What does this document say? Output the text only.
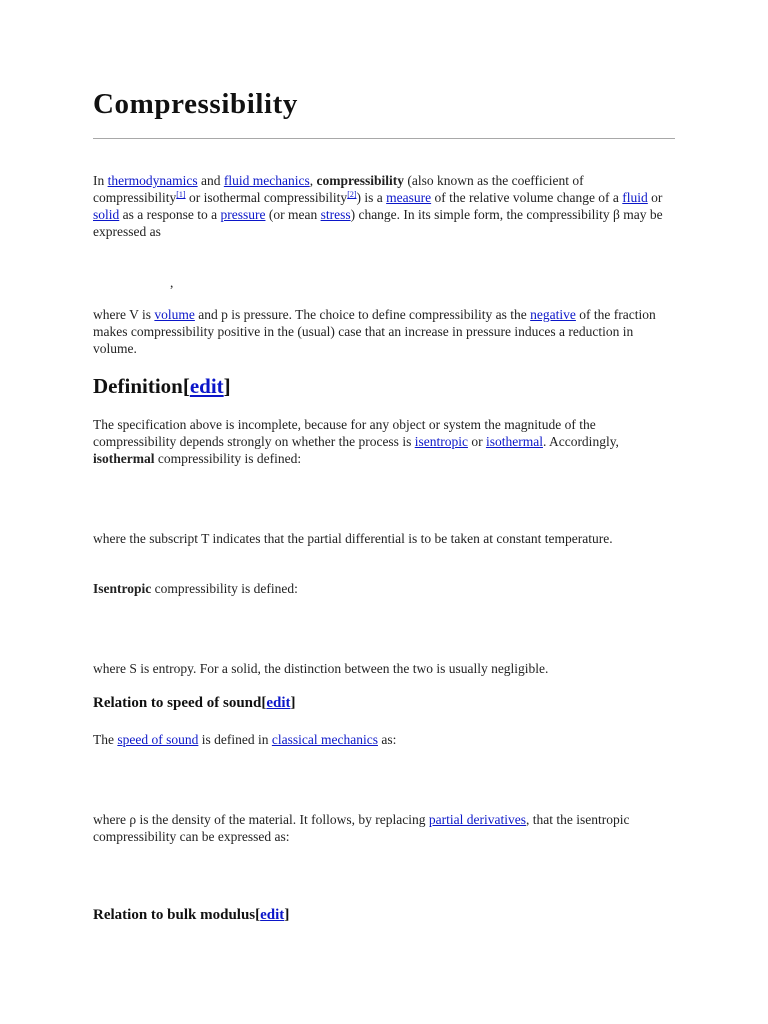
Compressibility

In thermodynamics and fluid mechanics, compressibility (also known as the coefficient of compressibility[1] or isothermal compressibility[2]) is a measure of the relative volume change of a fluid or solid as a response to a pressure (or mean stress) change. In its simple form, the compressibility β may be expressed as

,

where V is volume and p is pressure. The choice to define compressibility as the negative of the fraction makes compressibility positive in the (usual) case that an increase in pressure induces a reduction in volume.

Definition[edit]

The specification above is incomplete, because for any object or system the magnitude of the compressibility depends strongly on whether the process is isentropic or isothermal. Accordingly, isothermal compressibility is defined:

where the subscript T indicates that the partial differential is to be taken at constant temperature.

Isentropic compressibility is defined:

where S is entropy. For a solid, the distinction between the two is usually negligible.

Relation to speed of sound[edit]

The speed of sound is defined in classical mechanics as:

where ρ is the density of the material. It follows, by replacing partial derivatives, that the isentropic compressibility can be expressed as:

Relation to bulk modulus[edit]
